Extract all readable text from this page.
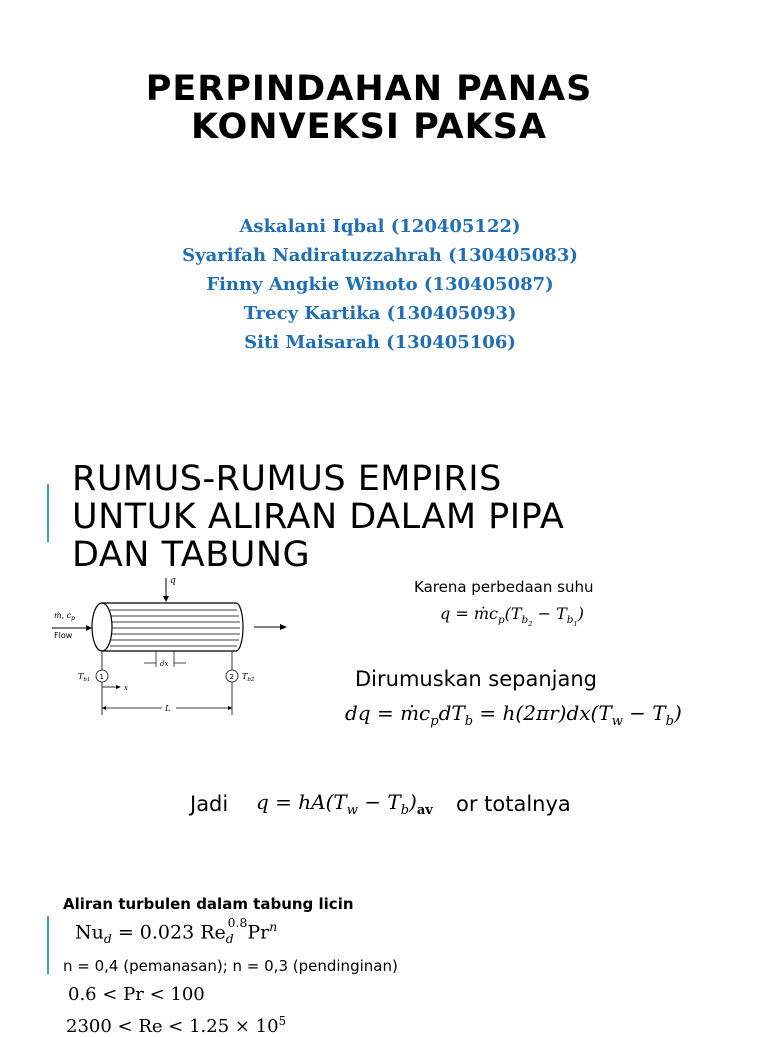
PERPINDAHAN PANAS
KONVEKSI PAKSA
Askalani Iqbal (120405122)
Syarifah Nadiratuzzahrah (130405083)
Finny Angkie Winoto (130405087)
Trecy Kartika (130405093)
Siti Maisarah (130405106)
RUMUS-RUMUS EMPIRIS
UNTUK ALIRAN DALAM PIPA
DAN TABUNG
q
ṁ, $c_p$
Flow
dx
1	2
$T_{b1}$	$T_{b2}$
x
L
Karena perbedaan suhu
$q = ṁc_p(T_{b_2} - T_{b_1})$
Dirumuskan sepanjang
dq = $ṁc_pdT_b = h(2\pi r)dx(T_w - T_b)$
Jadi $q = hA(T_w - T_b)_{av}$ or totalnya
Aliran turbulen dalam tabung licin
$Nu_d = 0.023$ $Re_d^{0.8}Pr^n$
n = 0,4 (pemanasan); n = 0,3 (pendinginan)
0.6 < Pr < 100
$2300 < Re < 1.25 \times 10^5$
